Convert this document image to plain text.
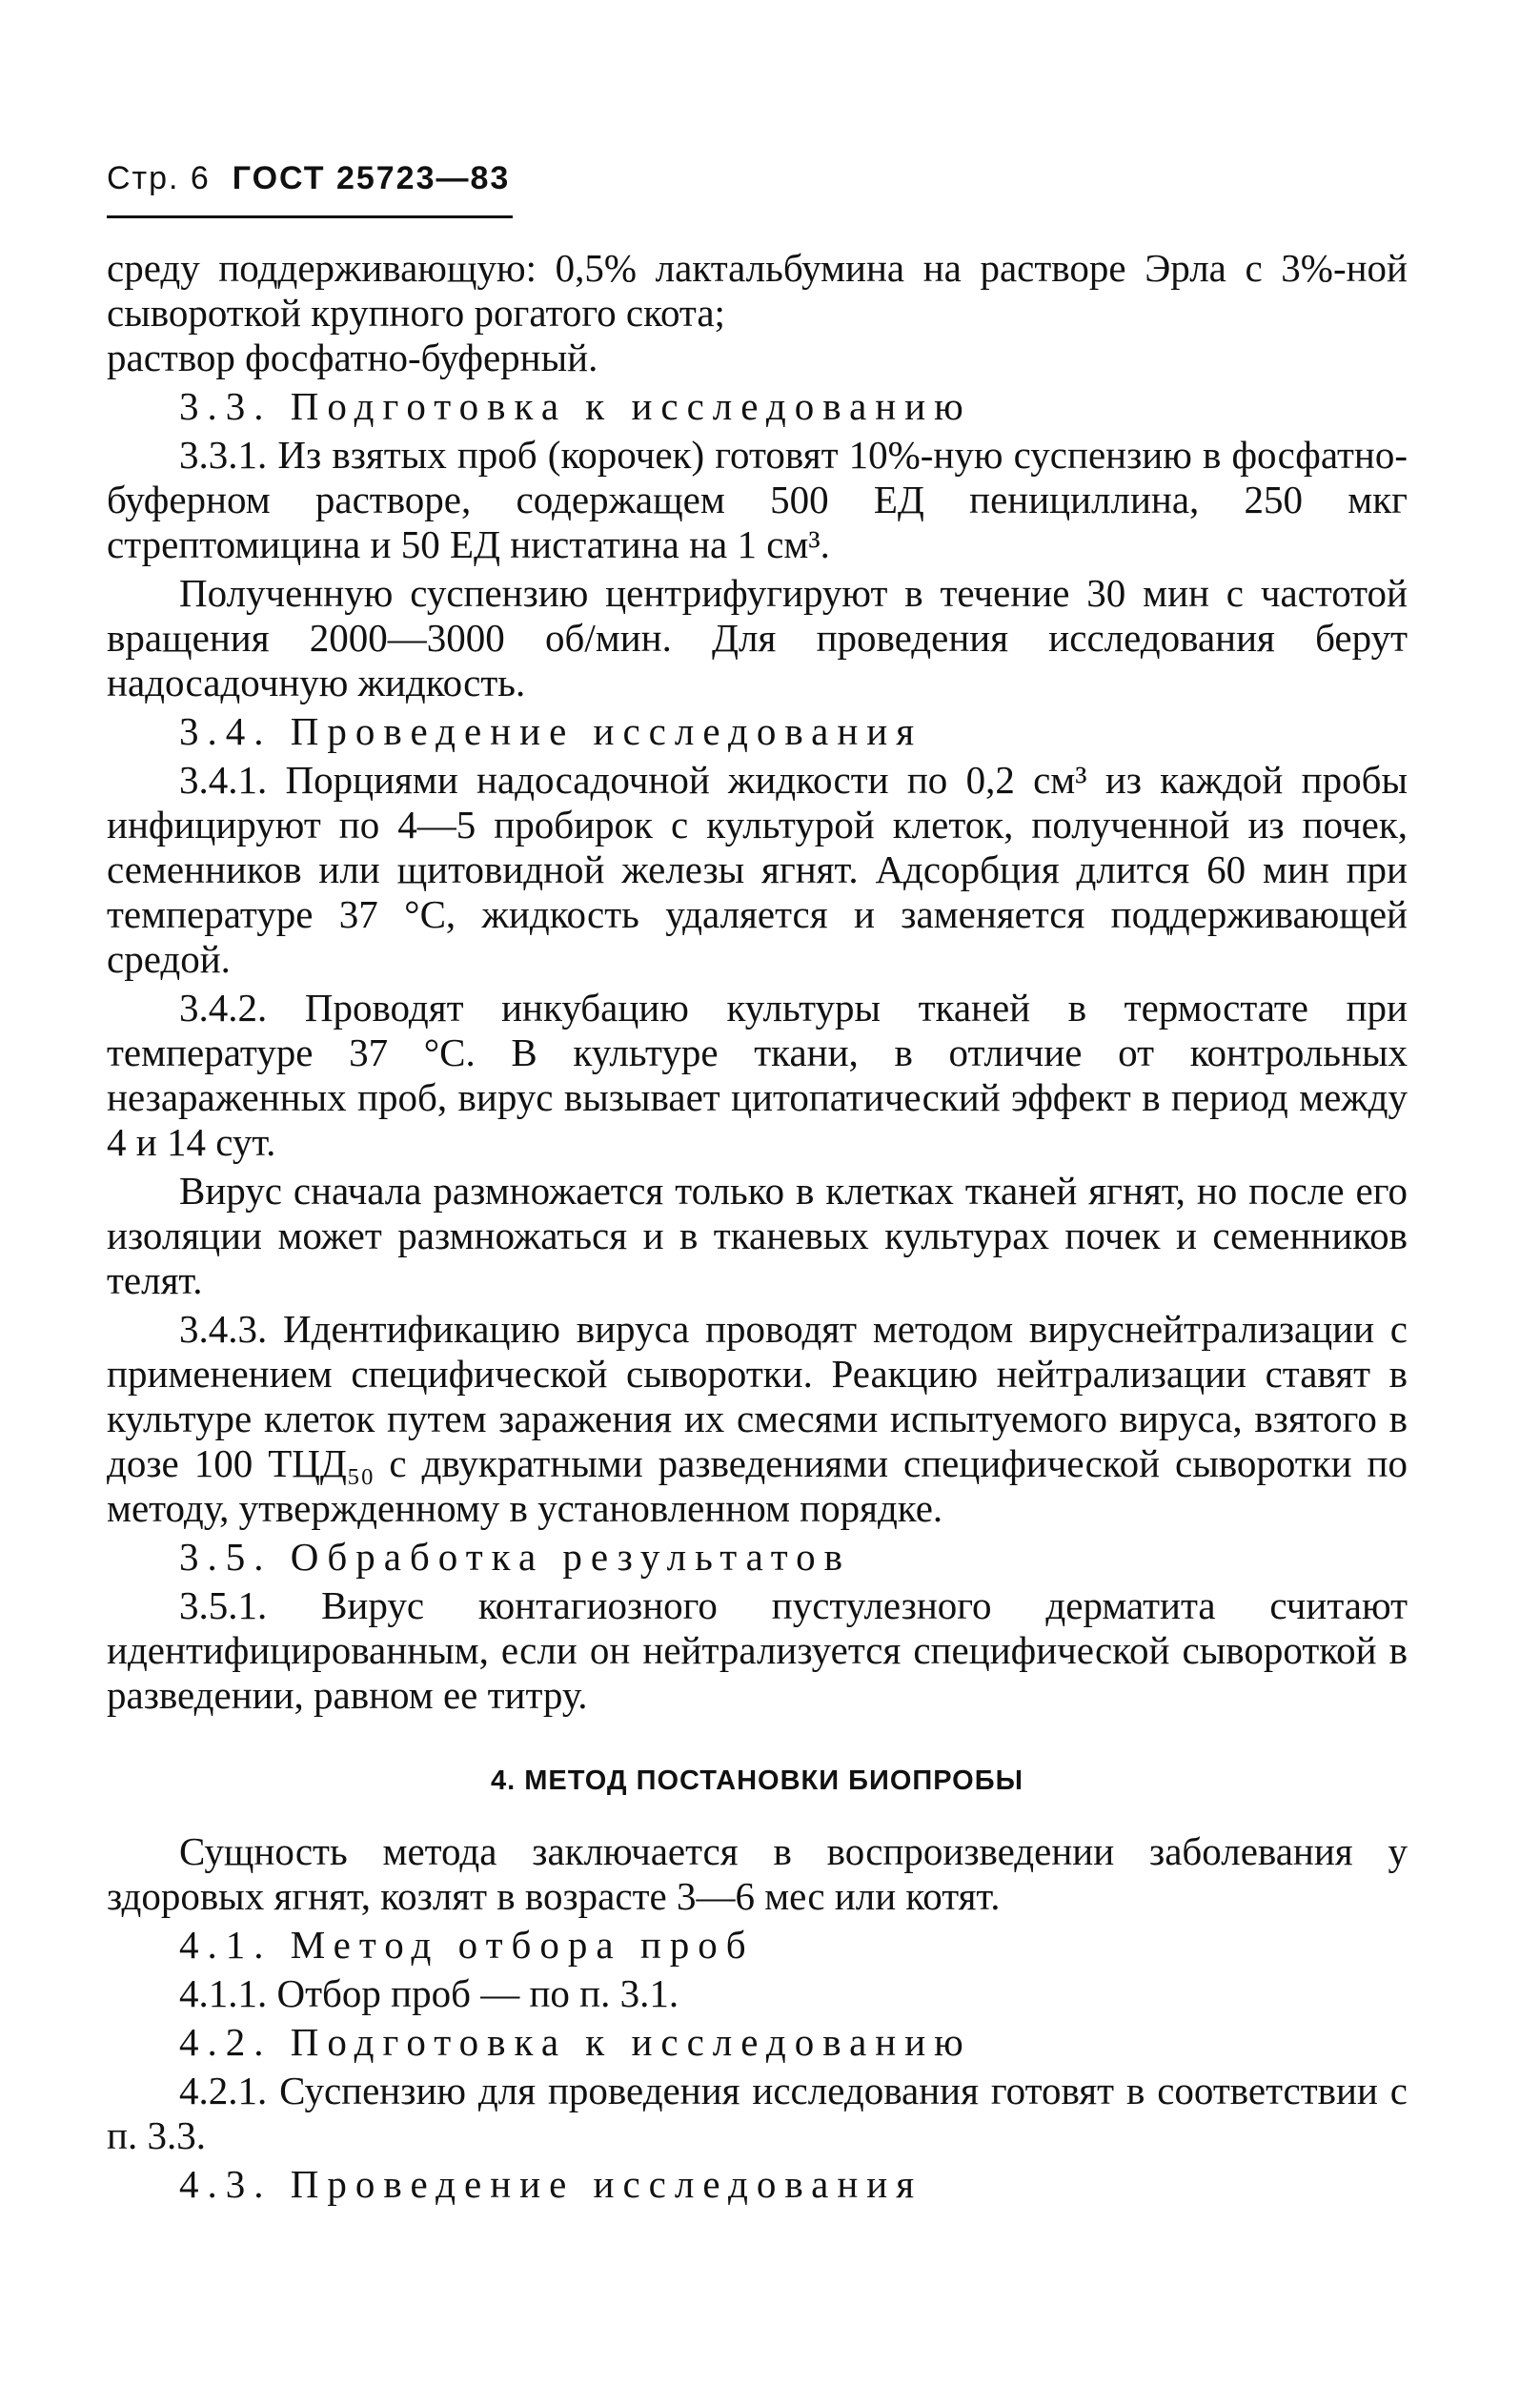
Стр. 6 ГОСТ 25723—83

среду поддерживающую: 0,5% лактальбумина на растворе Эрла с 3%-ной сывороткой крупного рогатого скота;

раствор фосфатно-буферный.

3.3. Подготовка к исследованию

3.3.1. Из взятых проб (корочек) готовят 10%-ную суспензию в фосфатно-буферном растворе, содержащем 500 ЕД пенициллина, 250 мкг стрептомицина и 50 ЕД нистатина на 1 см³.

Полученную суспензию центрифугируют в течение 30 мин с частотой вращения 2000—3000 об/мин. Для проведения исследования берут надосадочную жидкость.

3.4. Проведение исследования

3.4.1. Порциями надосадочной жидкости по 0,2 см³ из каждой пробы инфицируют по 4—5 пробирок с культурой клеток, полученной из почек, семенников или щитовидной железы ягнят. Адсорбция длится 60 мин при температуре 37 °С, жидкость удаляется и заменяется поддерживающей средой.

3.4.2. Проводят инкубацию культуры тканей в термостате при температуре 37 °С. В культуре ткани, в отличие от контрольных незараженных проб, вирус вызывает цитопатический эффект в период между 4 и 14 сут.

Вирус сначала размножается только в клетках тканей ягнят, но после его изоляции может размножаться и в тканевых культурах почек и семенников телят.

3.4.3. Идентификацию вируса проводят методом вируснейтрализации с применением специфической сыворотки. Реакцию нейтрализации ставят в культуре клеток путем заражения их смесями испытуемого вируса, взятого в дозе 100 ТЦД₅₀ с двукратными разведениями специфической сыворотки по методу, утвержденному в установленном порядке.

3.5. Обработка результатов

3.5.1. Вирус контагиозного пустулезного дерматита считают идентифицированным, если он нейтрализуется специфической сывороткой в разведении, равном ее титру.

4. МЕТОД ПОСТАНОВКИ БИОПРОБЫ

Сущность метода заключается в воспроизведении заболевания у здоровых ягнят, козлят в возрасте 3—6 мес или котят.

4.1. Метод отбора проб

4.1.1. Отбор проб — по п. 3.1.

4.2. Подготовка к исследованию

4.2.1. Суспензию для проведения исследования готовят в соответствии с п. 3.3.

4.3. Проведение исследования
